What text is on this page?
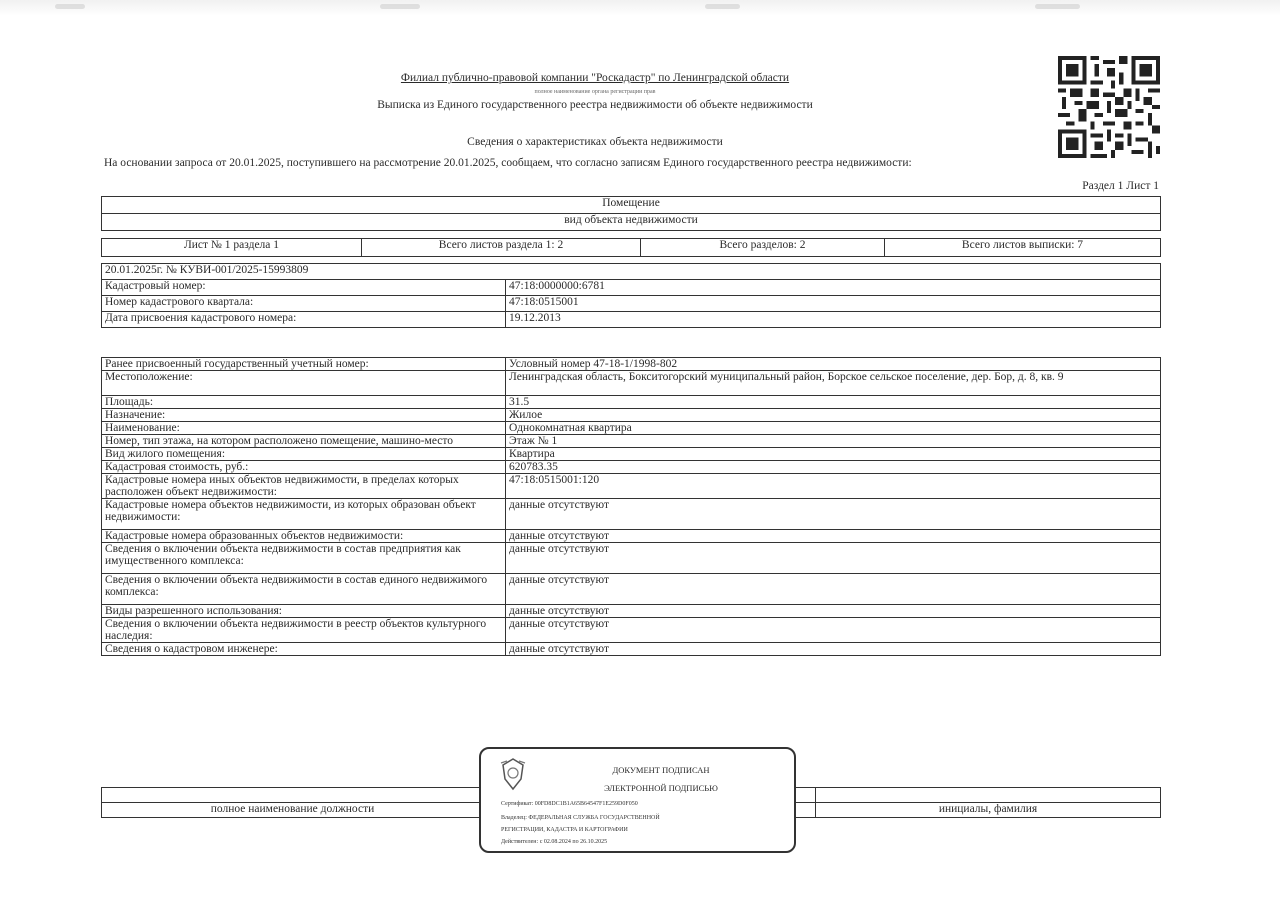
Филиал публично-правовой компании "Роскадастр" по Ленинградской области
полное наименование органа регистрации прав
Выписка из Единого государственного реестра недвижимости об объекте недвижимости
Сведения о характеристиках объекта недвижимости
На основании запроса от 20.01.2025, поступившего на рассмотрение 20.01.2025, сообщаем, что согласно записям Единого государственного реестра недвижимости:
Раздел 1 Лист 1
Помещение
вид объекта недвижимости
Лист № 1 раздела 1	Всего листов раздела 1: 2	Всего разделов: 2	Всего листов выписки: 7
20.01.2025г. № КУВИ-001/2025-15993809	
Кадастровый номер:	47:18:0000000:6781
Номер кадастрового квартала:	47:18:0515001
Дата присвоения кадастрового номера:	19.12.2013
Ранее присвоенный государственный учетный номер:	Условный номер 47-18-1/1998-802
Местоположение:	Ленинградская область, Бокситогорский муниципальный район, Борское сельское поселение, дер. Бор, д. 8, кв. 9
Площадь:	31.5
Назначение:	Жилое
Наименование:	Однокомнатная квартира
Номер, тип этажа, на котором расположено помещение, машино-место	Этаж № 1
Вид жилого помещения:	Квартира
Кадастровая стоимость, руб.:	620783.35
Кадастровые номера иных объектов недвижимости, в пределах которых расположен объект недвижимости:	47:18:0515001:120
Кадастровые номера объектов недвижимости, из которых образован объект недвижимости:	данные отсутствуют
Кадастровые номера образованных объектов недвижимости:	данные отсутствуют
Сведения о включении объекта недвижимости в состав предприятия как имущественного комплекса:	данные отсутствуют
Сведения о включении объекта недвижимости в состав единого недвижимого комплекса:	данные отсутствуют
Виды разрешенного использования:	данные отсутствуют
Сведения о включении объекта недвижимости в реестр объектов культурного наследия:	данные отсутствуют
Сведения о кадастровом инженере:	данные отсутствуют

полное наименование должности		инициалы, фамилия
ДОКУМЕНТ ПОДПИСАН
ЭЛЕКТРОННОЙ ПОДПИСЬЮ
Сертификат: 00FD8DC1B1A65B64547F1E259D0F050
Владелец: ФЕДЕРАЛЬНАЯ СЛУЖБА ГОСУДАРСТВЕННОЙ
РЕГИСТРАЦИИ, КАДАСТРА И КАРТОГРАФИИ
Действителен: с 02.08.2024 по 26.10.2025
